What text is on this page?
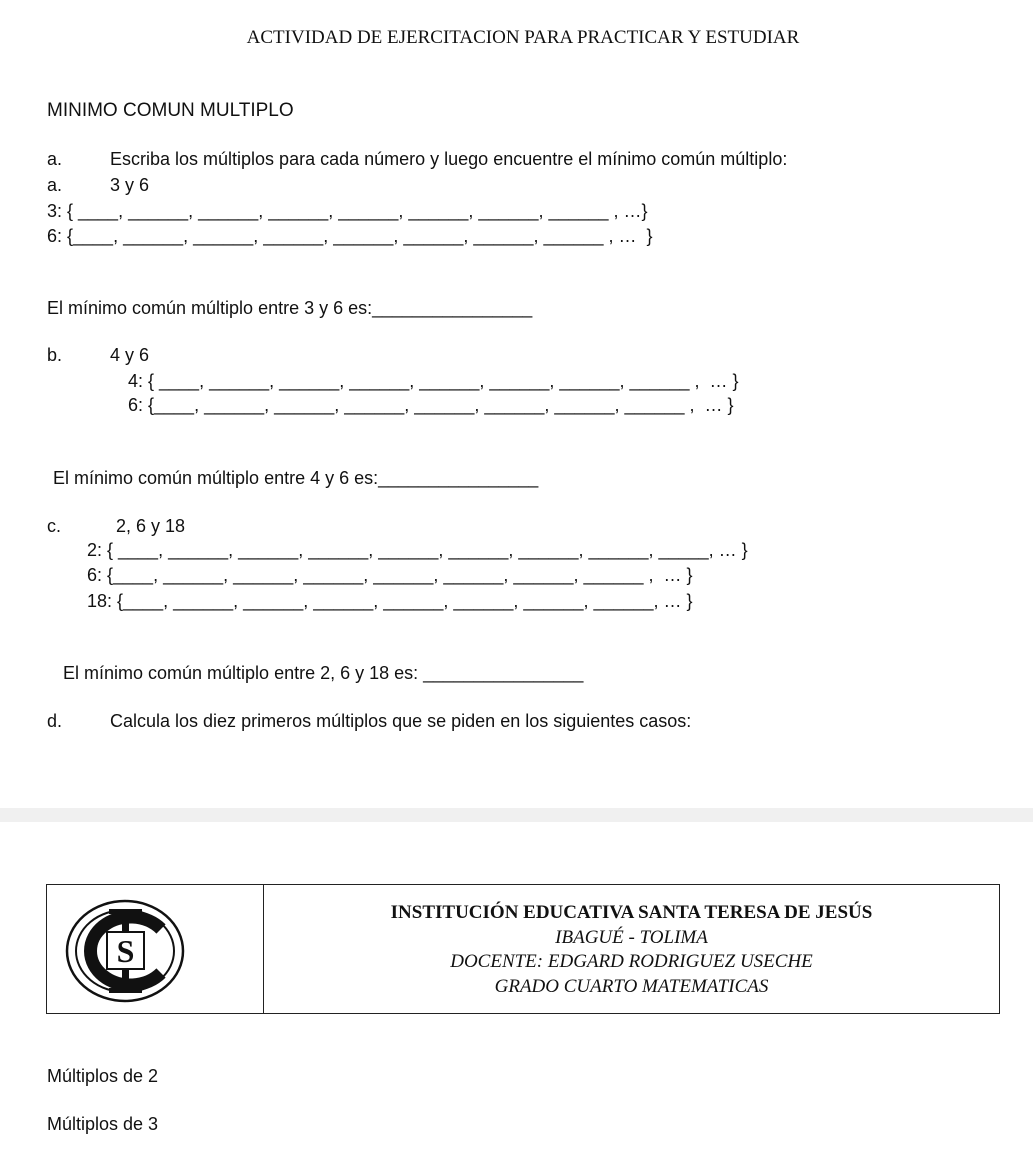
ACTIVIDAD DE EJERCITACION PARA PRACTICAR Y ESTUDIAR
MINIMO COMUN MULTIPLO
a.	Escriba los múltiplos para cada número y luego encuentre el mínimo común múltiplo:
a.	3 y 6
3: { ____, ______, ______, ______, ______, ______, ______, ______ , …}
6: {____, ______, ______, ______, ______, ______, ______, ______ , …  }
El mínimo común múltiplo entre 3 y 6 es:________________
b.	4 y 6
4: { ____, ______, ______, ______, ______, ______, ______, ______ ,  … }
6: {____, ______, ______, ______, ______, ______, ______, ______ ,  … }
El mínimo común múltiplo entre 4 y 6 es:________________
c.	2, 6 y 18
2: { ____, ______, ______, ______, ______, ______, ______, ______, _____, … }
6: {____, ______, ______, ______, ______, ______, ______, ______ ,  … }
18: {____, ______, ______, ______, ______, ______, ______, ______, … }
El mínimo común múltiplo entre 2, 6 y 18 es: ________________
d.	Calcula los diez primeros múltiplos que se piden en los siguientes casos:
S
INSTITUCIÓN EDUCATIVA SANTA TERESA DE JESÚS
IBAGUÉ - TOLIMA
DOCENTE: EDGARD RODRIGUEZ USECHE
GRADO CUARTO MATEMATICAS
Múltiplos de 2
Múltiplos de 3
